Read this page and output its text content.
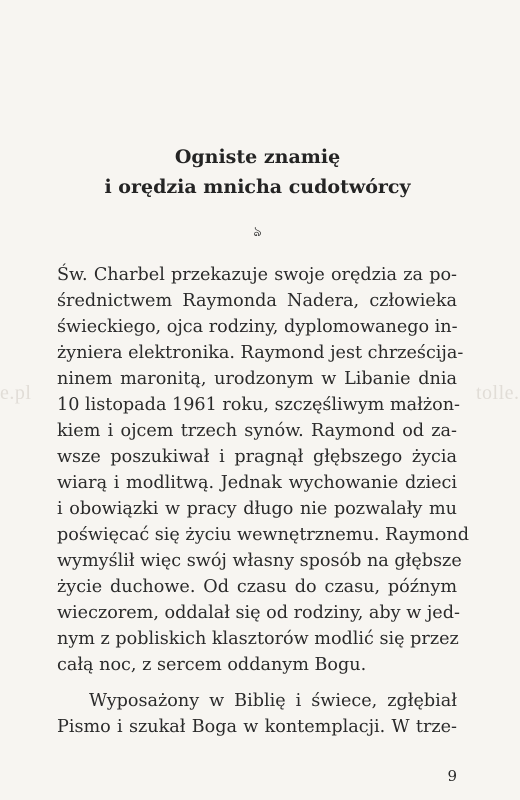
Ogniste znamię
i orędzia mnicha cudotwórcy
ঌ
e.pl	tolle.
Św. Charbel przekazuje swoje orędzia za po-
średnictwem Raymonda Nadera, człowieka
świeckiego, ojca rodziny, dyplomowanego in-
żyniera elektronika. Raymond jest chrześcija-
ninem maronitą, urodzonym w Libanie dnia
10 listopada 1961 roku, szczęśliwym małżon-
kiem i ojcem trzech synów. Raymond od za-
wsze poszukiwał i pragnął głębszego życia
wiarą i modlitwą. Jednak wychowanie dzieci
i obowiązki w pracy długo nie pozwalały mu
poświęcać się życiu wewnętrznemu. Raymond
wymyślił więc swój własny sposób na głębsze
życie duchowe. Od czasu do czasu, późnym
wieczorem, oddalał się od rodziny, aby w jed-
nym z pobliskich klasztorów modlić się przez
całą noc, z sercem oddanym Bogu.
Wyposażony w Biblię i świece, zgłębiał
Pismo i szukał Boga w kontemplacji. W trze-
9
